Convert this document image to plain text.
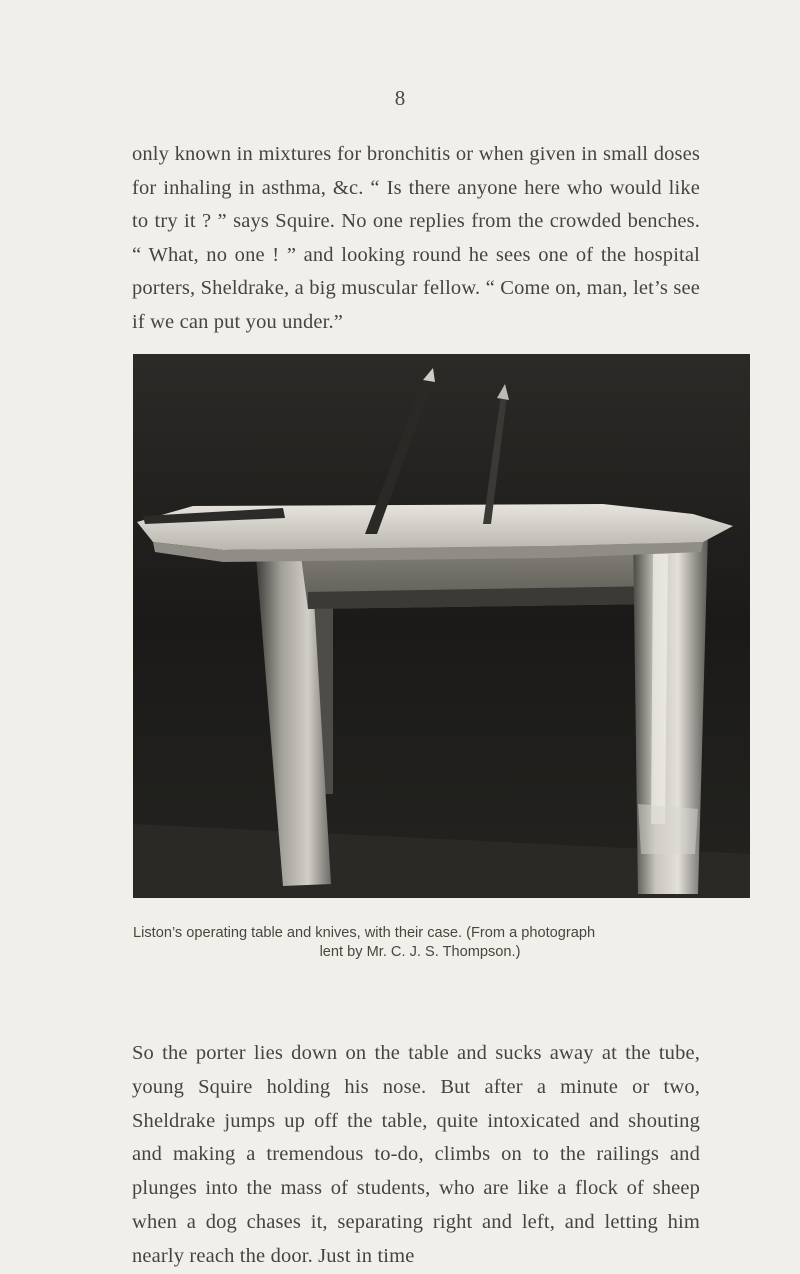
8

only known in mixtures for bronchitis or when given in small doses for inhaling in asthma, &c. “ Is there anyone here who would like to try it ? ” says Squire. No one replies from the crowded benches. “ What, no one ! ” and looking round he sees one of the hospital porters, Sheldrake, a big muscular fellow. “ Come on, man, let’s see if we can put you under.”

Liston’s operating table and knives, with their case. (From a photograph
lent by Mr. C. J. S. Thompson.)

So the porter lies down on the table and sucks away at the tube, young Squire holding his nose. But after a minute or two, Sheldrake jumps up off the table, quite intoxicated and shouting and making a tremendous to-do, climbs on to the railings and plunges into the mass of students, who are like a flock of sheep when a dog chases it, separating right and left, and letting him nearly reach the door. Just in time
